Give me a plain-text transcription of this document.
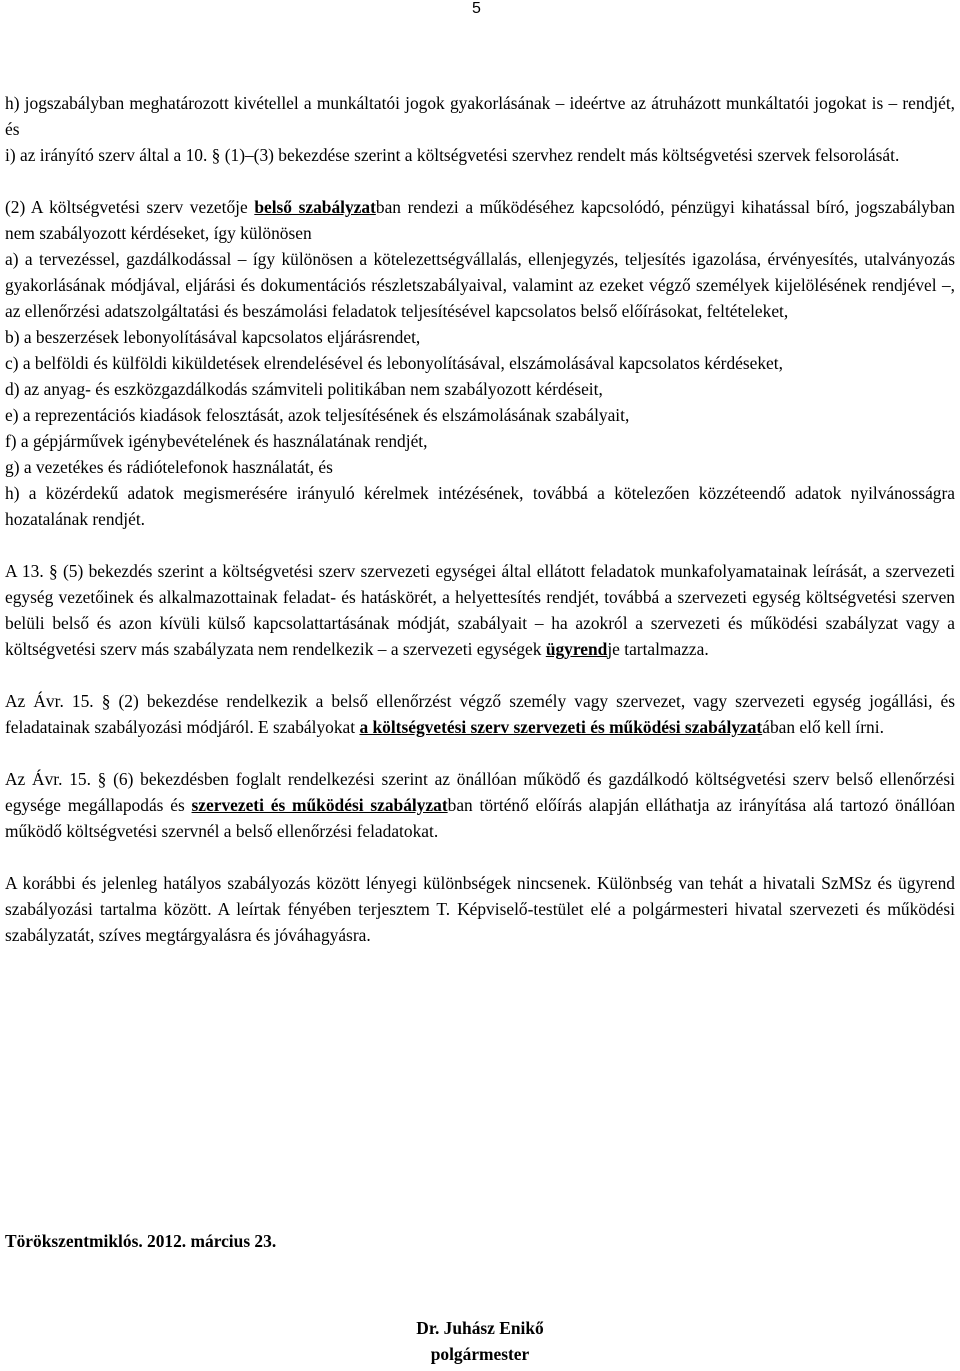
5

h) jogszabályban meghatározott kivétellel a munkáltatói jogok gyakorlásának – ideértve az átruházott munkáltatói jogokat is – rendjét, és

i) az irányító szerv által a 10. § (1)–(3) bekezdése szerint a költségvetési szervhez rendelt más költségvetési szervek felsorolását.

(2) A költségvetési szerv vezetője belső szabályzatban rendezi a működéséhez kapcsolódó, pénzügyi kihatással bíró, jogszabályban nem szabályozott kérdéseket, így különösen

a) a tervezéssel, gazdálkodással – így különösen a kötelezettségvállalás, ellenjegyzés, teljesítés igazolása, érvényesítés, utalványozás gyakorlásának módjával, eljárási és dokumentációs részletszabályaival, valamint az ezeket végző személyek kijelölésének rendjével –, az ellenőrzési adatszolgáltatási és beszámolási feladatok teljesítésével kapcsolatos belső előírásokat, feltételeket,

b) a beszerzések lebonyolításával kapcsolatos eljárásrendet,

c) a belföldi és külföldi kiküldetések elrendelésével és lebonyolításával, elszámolásával kapcsolatos kérdéseket,

d) az anyag- és eszközgazdálkodás számviteli politikában nem szabályozott kérdéseit,

e) a reprezentációs kiadások felosztását, azok teljesítésének és elszámolásának szabályait,

f) a gépjárművek igénybevételének és használatának rendjét,

g) a vezetékes és rádiótelefonok használatát, és

h) a közérdekű adatok megismerésére irányuló kérelmek intézésének, továbbá a kötelezően közzéteendő adatok nyilvánosságra hozatalának rendjét.

A 13. § (5) bekezdés szerint a költségvetési szerv szervezeti egységei által ellátott feladatok munkafolyamatainak leírását, a szervezeti egység vezetőinek és alkalmazottainak feladat- és hatáskörét, a helyettesítés rendjét, továbbá a szervezeti egység költségvetési szerven belüli belső és azon kívüli külső kapcsolattartásának módját, szabályait – ha azokról a szervezeti és működési szabályzat vagy a költségvetési szerv más szabályzata nem rendelkezik – a szervezeti egységek ügyrendje tartalmazza.

Az Ávr. 15. § (2) bekezdése rendelkezik a belső ellenőrzést végző személy vagy szervezet, vagy szervezeti egység jogállási, és feladatainak szabályozási módjáról. E szabályokat a költségvetési szerv szervezeti és működési szabályzatában elő kell írni.

Az Ávr. 15. § (6) bekezdésben foglalt rendelkezési szerint az önállóan működő és gazdálkodó költségvetési szerv belső ellenőrzési egysége megállapodás és szervezeti és működési szabályzatban történő előírás alapján elláthatja az irányítása alá tartozó önállóan működő költségvetési szervnél a belső ellenőrzési feladatokat.

A korábbi és jelenleg hatályos szabályozás között lényegi különbségek nincsenek. Különbség van tehát a hivatali SzMSz és ügyrend szabályozási tartalma között. A leírtak fényében terjesztem T. Képviselő-testület elé a polgármesteri hivatal szervezeti és működési szabályzatát, szíves megtárgyalásra és jóváhagyásra.

Törökszentmiklós. 2012. március 23.
Dr. Juhász Enikő
polgármester
